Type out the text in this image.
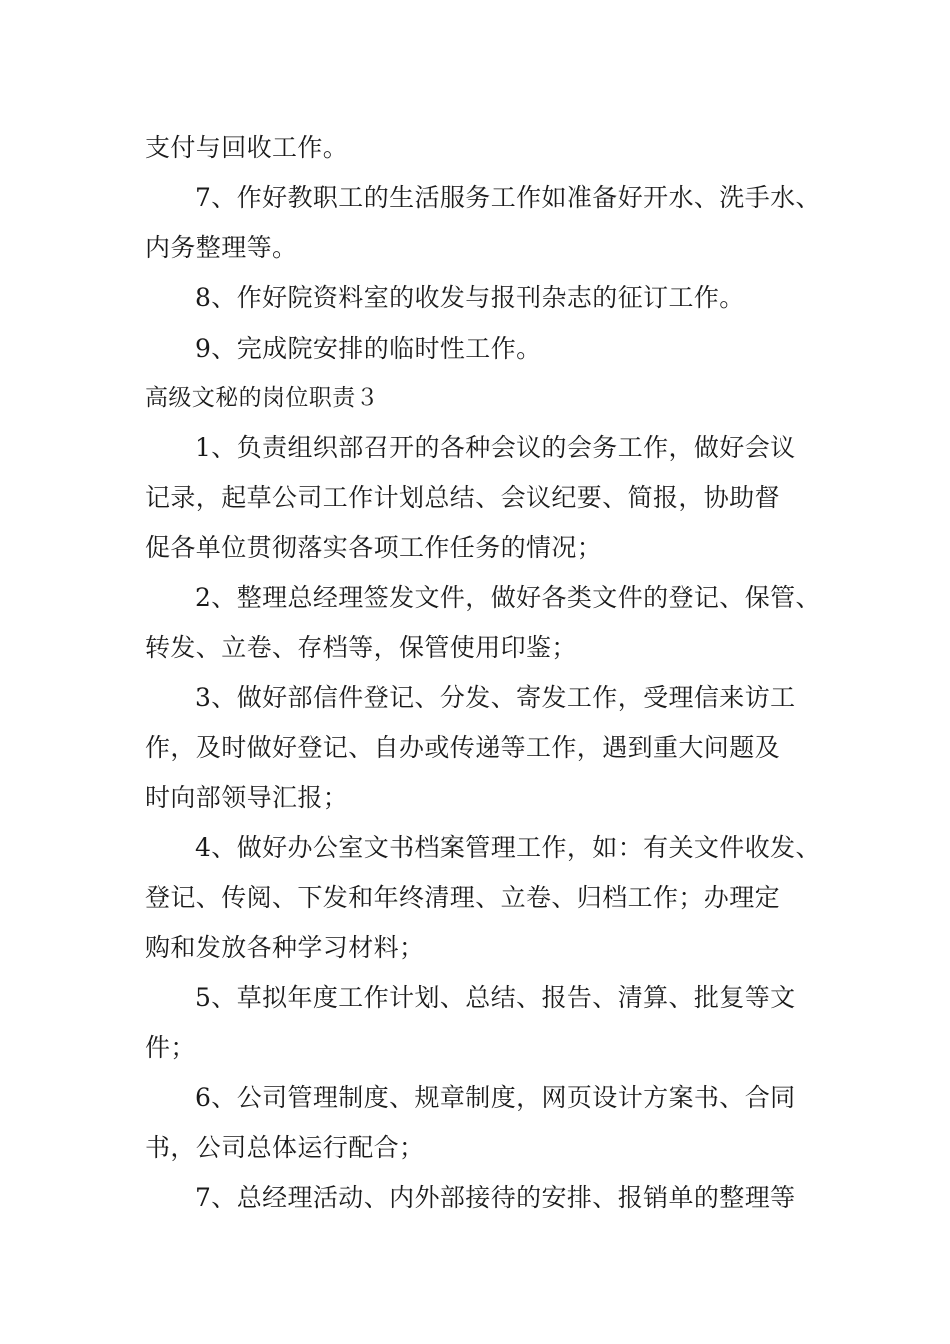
支付与回收工作。
7、作好教职工的生活服务工作如准备好开水、洗手水、
内务整理等。
8、作好院资料室的收发与报刊杂志的征订工作。
9、完成院安排的临时性工作。
高级文秘的岗位职责３
1、负责组织部召开的各种会议的会务工作，做好会议
记录，起草公司工作计划总结、会议纪要、简报，协助督
促各单位贯彻落实各项工作任务的情况；
2、整理总经理签发文件，做好各类文件的登记、保管、
转发、立卷、存档等，保管使用印鉴；
3、做好部信件登记、分发、寄发工作，受理信来访工
作，及时做好登记、自办或传递等工作，遇到重大问题及
时向部领导汇报；
4、做好办公室文书档案管理工作，如：有关文件收发、
登记、传阅、下发和年终清理、立卷、归档工作；办理定
购和发放各种学习材料；
5、草拟年度工作计划、总结、报告、清算、批复等文
件；
6、公司管理制度、规章制度，网页设计方案书、合同
书，公司总体运行配合；
7、总经理活动、内外部接待的安排、报销单的整理等
